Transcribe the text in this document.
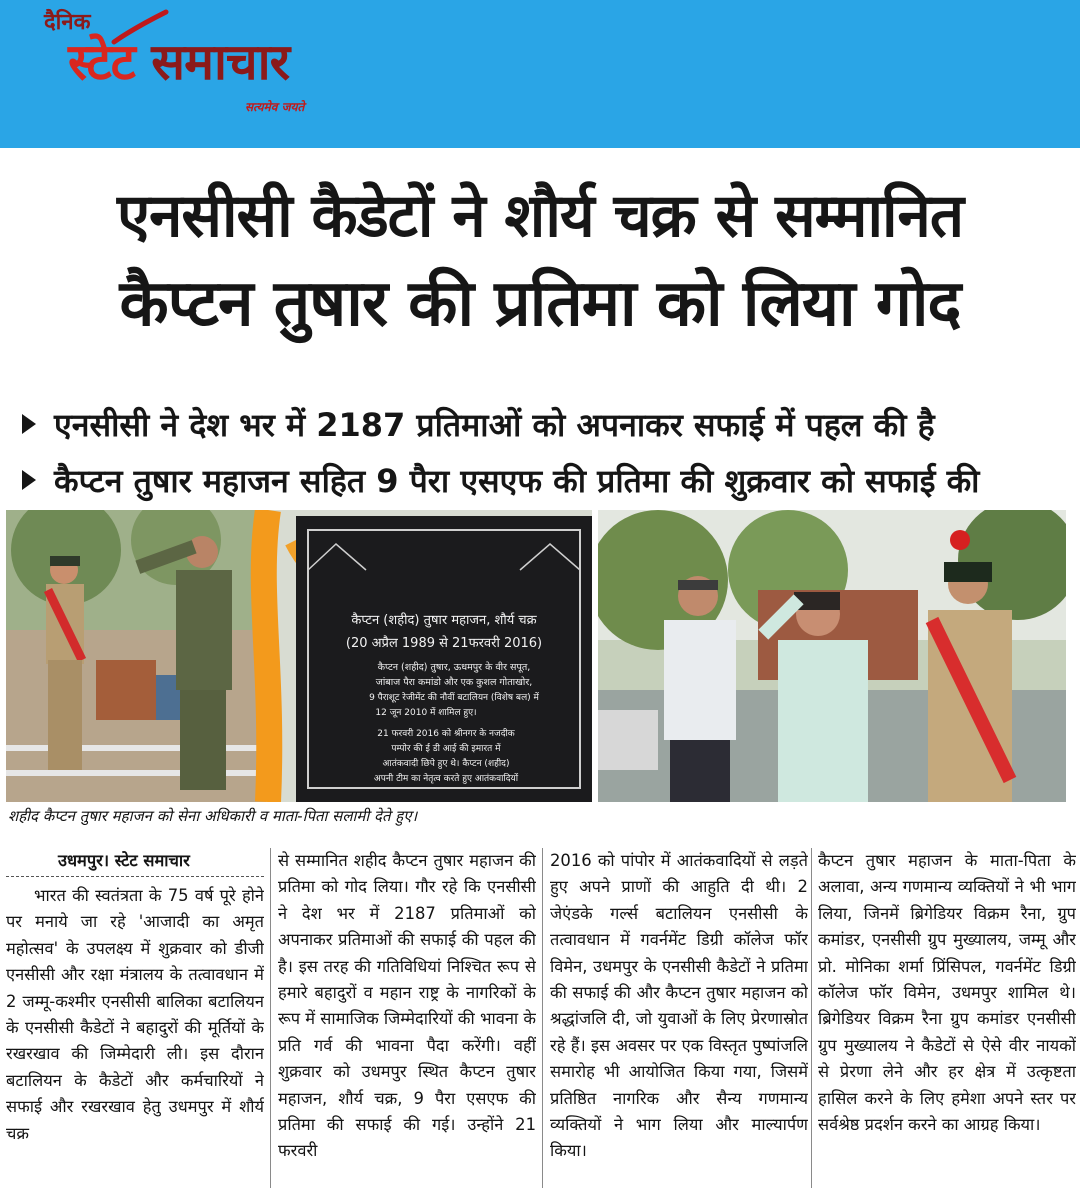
दैनिक
स्टेट समाचार
सत्यमेव जयते
एनसीसी कैडेटों ने शौर्य चक्र से सम्मानित
कैप्टन तुषार की प्रतिमा को लिया गोद
एनसीसी ने देश भर में 2187 प्रतिमाओं को अपनाकर सफाई में पहल की है
कैप्टन तुषार महाजन सहित 9 पैरा एसएफ की प्रतिमा की शुक्रवार को सफाई की
कैप्टन (शहीद) तुषार महाजन, शौर्य चक्र
(20 अप्रैल 1989 से 21फरवरी 2016)
कैप्टन (शहीद) तुषार, ऊधमपुर के वीर सपूत,
जांबाज पैरा कमांडो और एक कुशल गोताखोर,
9 पैराशूट रेजीमेंट की नौवीं बटालियन (विशेष बल) में
12 जून 2010 में शामिल हुए।
21 फरवरी 2016 को श्रीनगर के नजदीक
पम्पोर की ई डी आई की इमारत में
आतंकवादी छिपे हुए थे। कैप्टन (शहीद)
अपनी टीम का नेतृत्व करते हुए आतंकवादियों
शहीद कैप्टन तुषार महाजन को सेना अधिकारी व माता-पिता सलामी देते हुए।
उधमपुर। स्टेट समाचार

भारत की स्वतंत्रता के 75 वर्ष पूरे होने पर मनाये जा रहे 'आजादी का अमृत महोत्सव' के उपलक्ष्य में शुक्रवार को डीजी एनसीसी और रक्षा मंत्रालय के तत्वावधान में 2 जम्मू-कश्मीर एनसीसी बालिका बटालियन के एनसीसी कैडेटों ने बहादुरों की मूर्तियों के रखरखाव की जिम्मेदारी ली। इस दौरान बटालियन के कैडेटों और कर्मचारियों ने सफाई और रखरखाव हेतु उधमपुर में शौर्य चक्र

से सम्मानित शहीद कैप्टन तुषार महाजन की प्रतिमा को गोद लिया। गौर रहे कि एनसीसी ने देश भर में 2187 प्रतिमाओं को अपनाकर प्रतिमाओं की सफाई की पहल की है। इस तरह की गतिविधियां निश्चित रूप से हमारे बहादुरों व महान राष्ट्र के नागरिकों के रूप में सामाजिक जिम्मेदारियों की भावना के प्रति गर्व की भावना पैदा करेंगी। वहीं शुक्रवार को उधमपुर स्थित कैप्टन तुषार महाजन, शौर्य चक्र, 9 पैरा एसएफ की प्रतिमा की सफाई की गई। उन्होंने 21 फरवरी

2016 को पांपोर में आतंकवादियों से लड़ते हुए अपने प्राणों की आहुति दी थी। 2 जेएंडके गर्ल्स बटालियन एनसीसी के तत्वावधान में गवर्नमेंट डिग्री कॉलेज फॉर विमेन, उधमपुर के एनसीसी कैडेटों ने प्रतिमा की सफाई की और कैप्टन तुषार महाजन को श्रद्धांजलि दी, जो युवाओं के लिए प्रेरणास्रोत रहे हैं। इस अवसर पर एक विस्तृत पुष्पांजलि समारोह भी आयोजित किया गया, जिसमें प्रतिष्ठित नागरिक और सैन्य गणमान्य व्यक्तियों ने भाग लिया और माल्यार्पण किया।

कैप्टन तुषार महाजन के माता-पिता के अलावा, अन्य गणमान्य व्यक्तियों ने भी भाग लिया, जिनमें ब्रिगेडियर विक्रम रैना, ग्रुप कमांडर, एनसीसी ग्रुप मुख्यालय, जम्मू और प्रो. मोनिका शर्मा प्रिंसिपल, गवर्नमेंट डिग्री कॉलेज फॉर विमेन, उधमपुर शामिल थे। ब्रिगेडियर विक्रम रैना ग्रुप कमांडर एनसीसी ग्रुप मुख्यालय ने कैडेटों से ऐसे वीर नायकों से प्रेरणा लेने और हर क्षेत्र में उत्कृष्टता हासिल करने के लिए हमेशा अपने स्तर पर सर्वश्रेष्ठ प्रदर्शन करने का आग्रह किया।
